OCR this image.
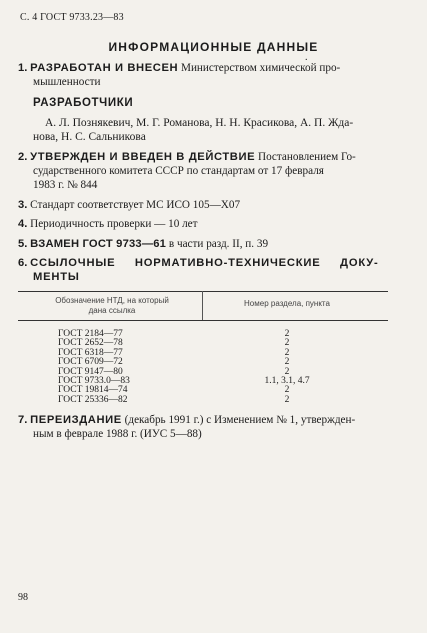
С. 4 ГОСТ 9733.23—83
ИНФОРМАЦИОННЫЕ ДАННЫЕ
.
1. РАЗРАБОТАН И ВНЕСЕН Министерством химической про-
мышленности
РАЗРАБОТЧИКИ
А. Л. Познякевич, М. Г. Романова, Н. Н. Красикова, А. П. Жда-
нова, Н. С. Сальникова
2. УТВЕРЖДЕН И ВВЕДЕН В ДЕЙСТВИЕ Постановлением Го-
сударственного комитета СССР по стандартам от 17 февраля
1983 г. № 844
3. Стандарт соответствует МС ИСО 105—Х07
4. Периодичность проверки — 10 лет
5. ВЗАМЕН ГОСТ 9733—61 в части разд. II, п. 39
6. ССЫЛОЧНЫЕ     НОРМАТИВНО-ТЕХНИЧЕСКИЕ     ДОКУ-
МЕНТЫ
Обозначение НТД, на который
дана ссылка
Номер раздела, пункта
ГОСТ 2184—77	2
ГОСТ 2652—78	2
ГОСТ 6318—77	2
ГОСТ 6709—72	2
ГОСТ 9147—80	2
ГОСТ 9733.0—83	1.1, 3.1, 4.7
ГОСТ 19814—74	2
ГОСТ 25336—82	2
7. ПЕРЕИЗДАНИЕ (декабрь 1991 г.) с Изменением № 1, утвержден-
ным в феврале 1988 г. (ИУС 5—88)
98
